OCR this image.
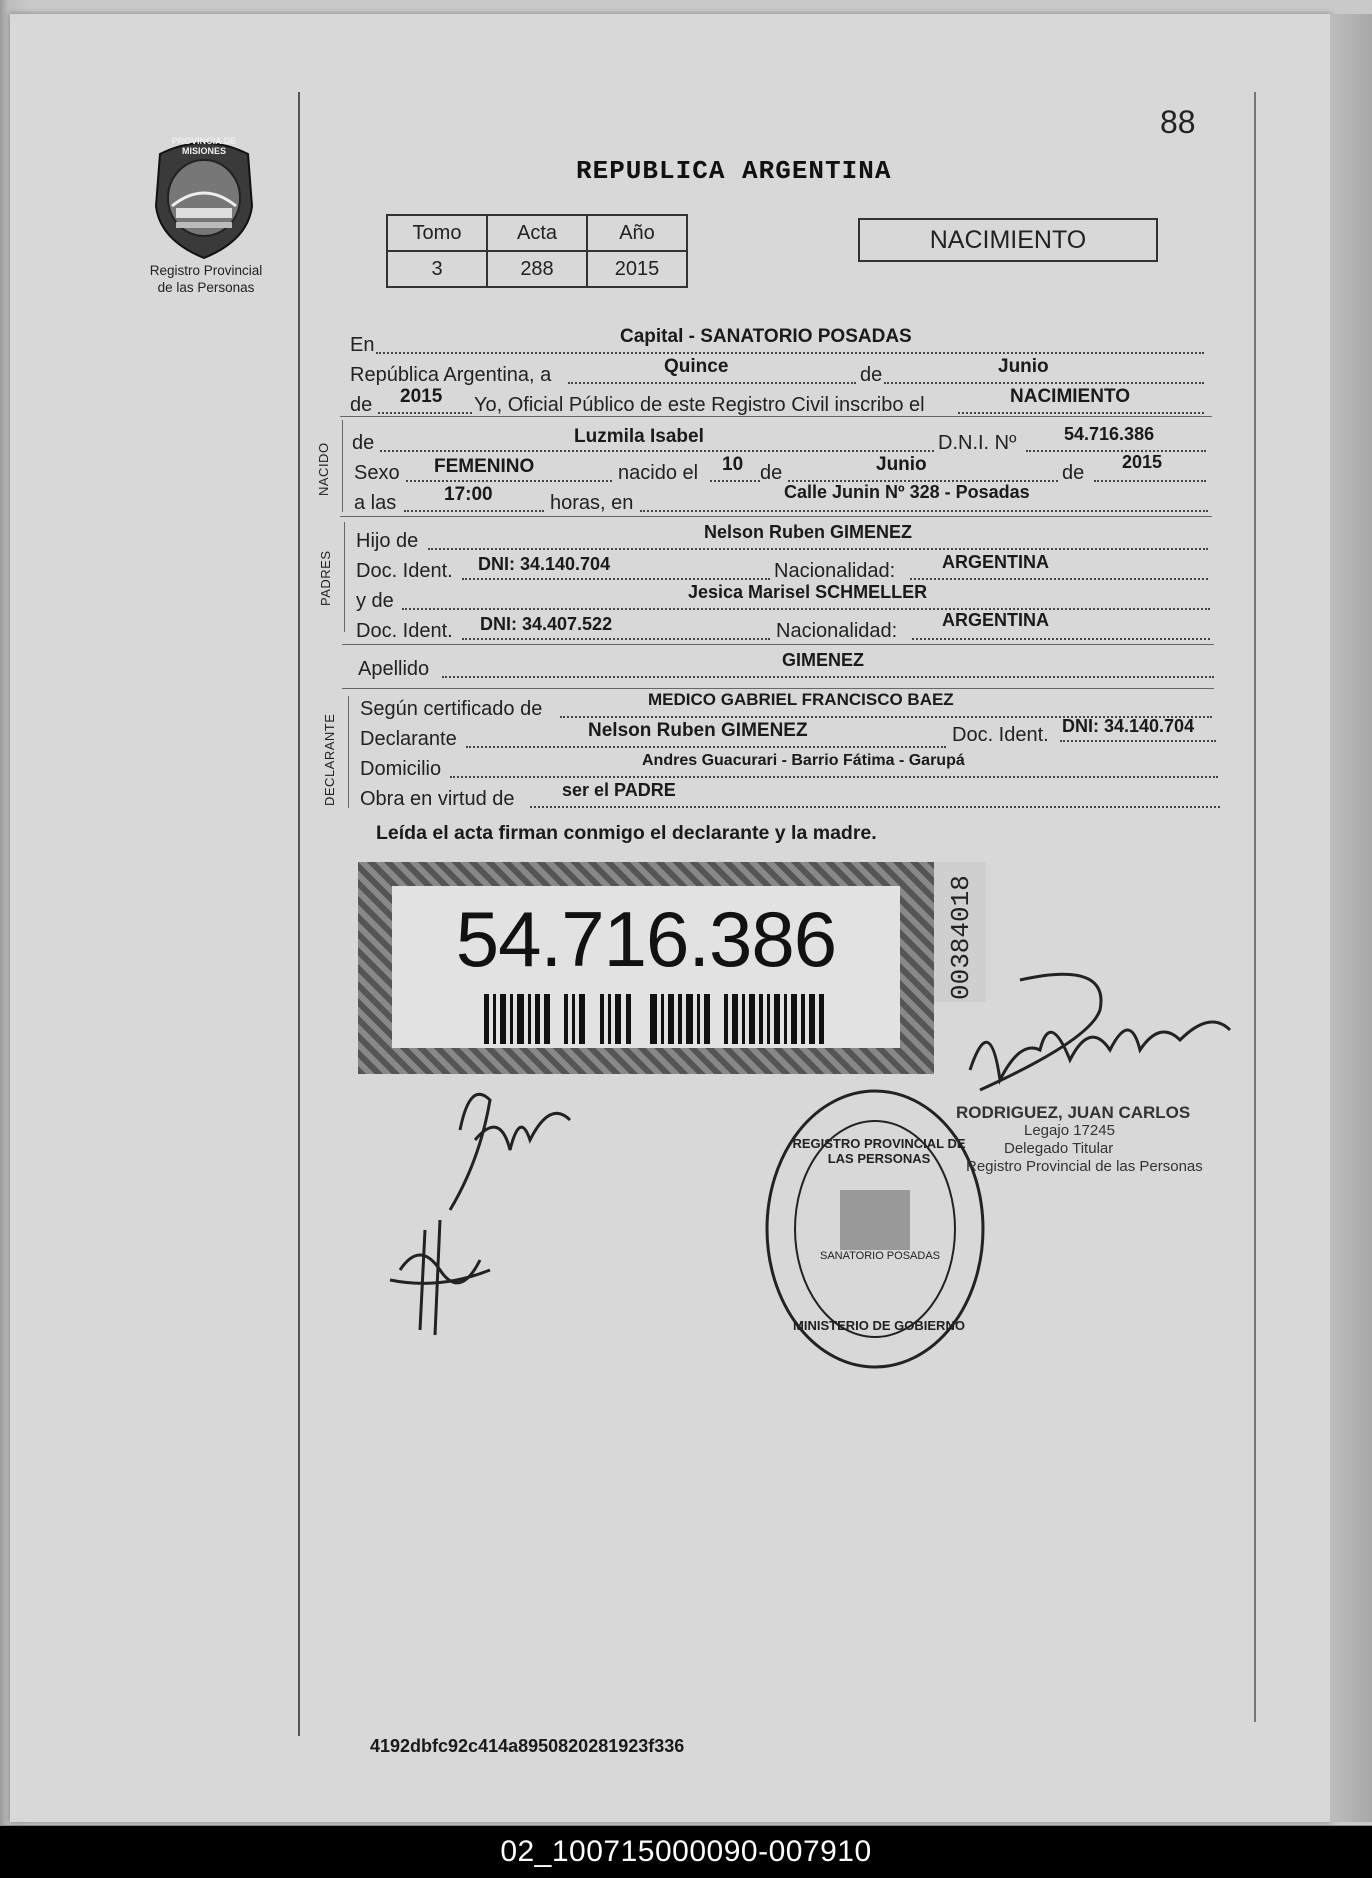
88
REPUBLICA ARGENTINA
PROVINCIA DE MISIONES
Registro Provincial
de las Personas
Tomo	Acta	Año
3	288	2015
NACIMIENTO
En	Capital - SANATORIO POSADAS
República Argentina, a	Quince	de	Junio
de 2015 Yo, Oficial Público de este Registro Civil inscribo el	NACIMIENTO
NACIDO de	Luzmila Isabel	D.N.I. Nº	54.716.386
Sexo FEMENINO	nacido el 10 de	Junio	de 2015
a las	17:00	horas, en	Calle Junin Nº 328 - Posadas
PADRES
Hijo de	Nelson Ruben GIMENEZ
Doc. Ident. DNI: 34.140.704	Nacionalidad:	ARGENTINA
y de	Jesica Marisel SCHMELLER
Doc. Ident. DNI: 34.407.522	Nacionalidad: ARGENTINA
Apellido	GIMENEZ
DECLARANTE
Según certificado de	MEDICO GABRIEL FRANCISCO BAEZ
Declarante	Nelson Ruben GIMENEZ	Doc. Ident. DNI: 34.140.704
Domicilio	Andres Guacurari - Barrio Fátima - Garupá
Obra en virtud de	ser el PADRE
Leída el acta firman conmigo el declarante y la madre.
54.716.386	00384018
REGISTRO PROVINCIAL DE LAS PERSONAS
SANATORIO POSADAS
MINISTERIO DE GOBIERNO
RODRIGUEZ, JUAN CARLOS
Legajo 17245
Delegado Titular
Registro Provincial de las Personas
4192dbfc92c414a8950820281923f336
02_100715000090-007910
